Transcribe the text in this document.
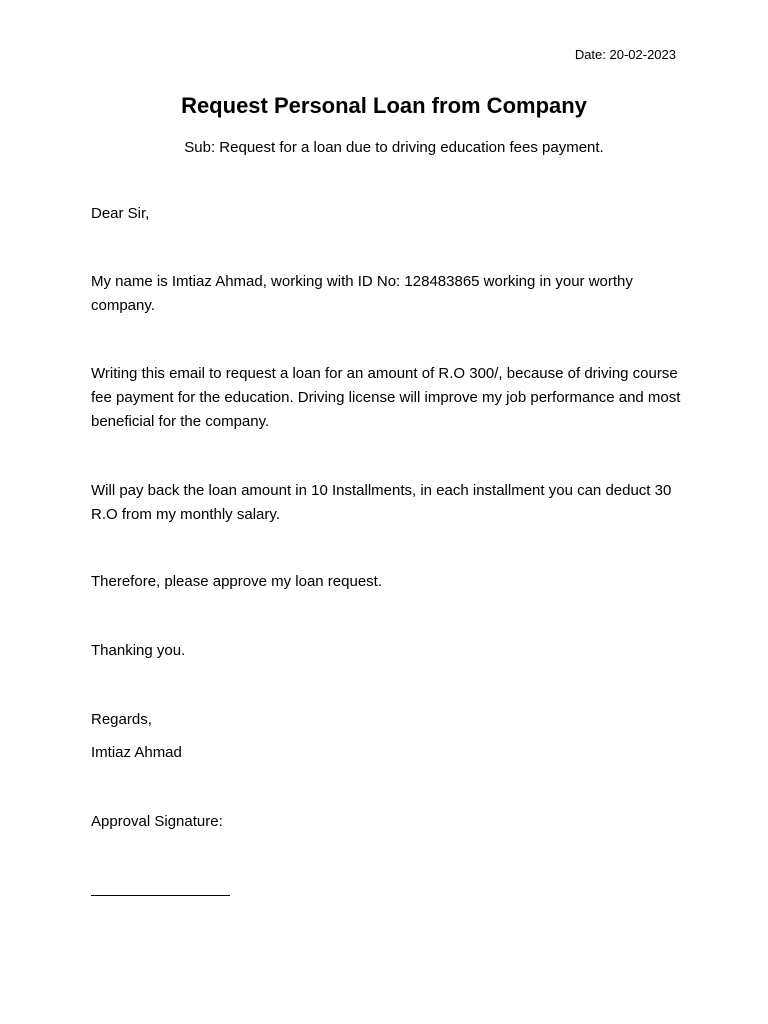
Date: 20-02-2023
Request Personal Loan from Company
Sub: Request for a loan due to driving education fees payment.

Dear Sir,

My name is Imtiaz Ahmad, working with ID No: 128483865 working in your worthy company.

Writing this email to request a loan for an amount of R.O 300/, because of driving course fee payment for the education. Driving license will improve my job performance and most beneficial for the company.

Will pay back the loan amount in 10 Installments, in each installment you can deduct 30 R.O from my monthly salary.

Therefore, please approve my loan request.

Thanking you.

Regards,

Imtiaz Ahmad

Approval Signature:
